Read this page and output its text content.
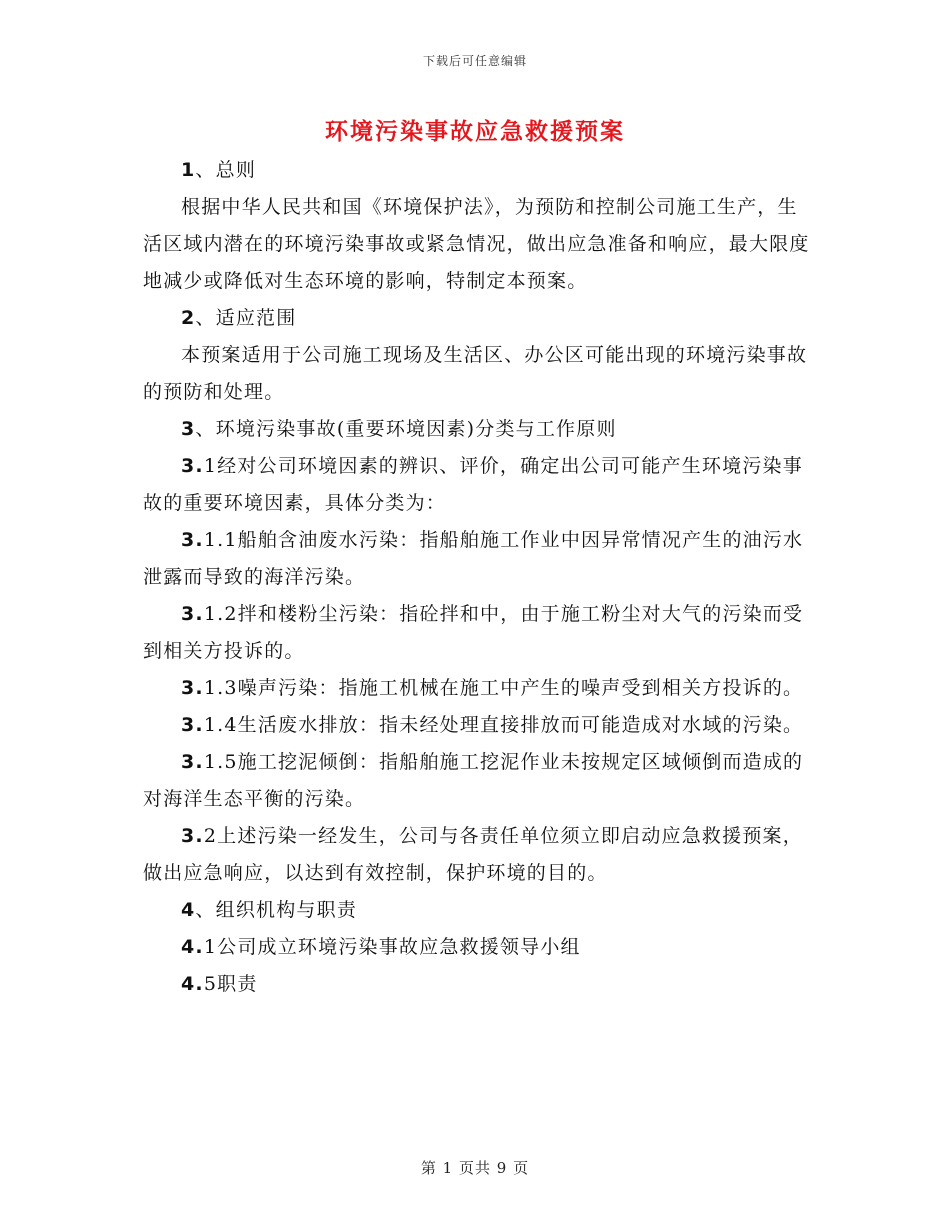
下载后可任意编辑
环境污染事故应急救援预案

1、总则

根据中华人民共和国《环境保护法》，为预防和控制公司施工生产，生活区域内潜在的环境污染事故或紧急情况，做出应急准备和响应，最大限度地减少或降低对生态环境的影响，特制定本预案。

2、适应范围

本预案适用于公司施工现场及生活区、办公区可能出现的环境污染事故的预防和处理。

3、环境污染事故(重要环境因素)分类与工作原则

3.1经对公司环境因素的辨识、评价，确定出公司可能产生环境污染事故的重要环境因素，具体分类为：

3.1.1船舶含油废水污染：指船舶施工作业中因异常情况产生的油污水泄露而导致的海洋污染。

3.1.2拌和楼粉尘污染：指砼拌和中，由于施工粉尘对大气的污染而受到相关方投诉的。

3.1.3噪声污染：指施工机械在施工中产生的噪声受到相关方投诉的。

3.1.4生活废水排放：指未经处理直接排放而可能造成对水域的污染。

3.1.5施工挖泥倾倒：指船舶施工挖泥作业未按规定区域倾倒而造成的对海洋生态平衡的污染。

3.2上述污染一经发生，公司与各责任单位须立即启动应急救援预案，做出应急响应，以达到有效控制，保护环境的目的。

4、组织机构与职责

4.1公司成立环境污染事故应急救援领导小组

4.5职责

第 1 页共 9 页
